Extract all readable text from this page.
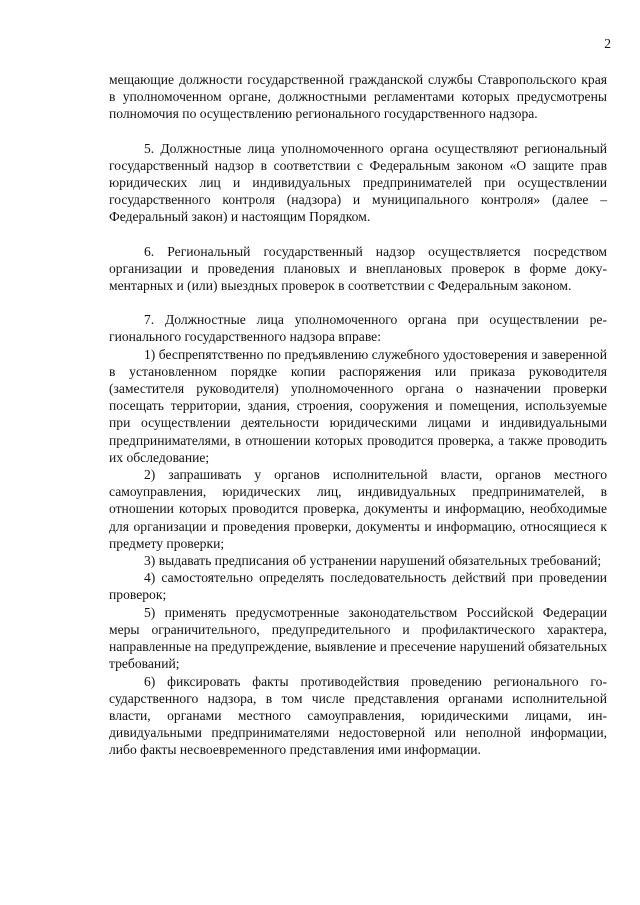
2

мещающие должности государственной гражданской службы Ставропольского края в уполномоченном органе, должностными регламентами которых предусмотрены полномочия по осуществлению регионального государственного надзора.

5. Должностные лица уполномоченного органа осуществляют региональный государственный надзор в соответствии с Федеральным законом «О защите прав юридических лиц и индивидуальных предпринимателей при осуществлении государственного контроля (надзора) и муниципального контроля» (далее – Федеральный закон) и настоящим Порядком.

6. Региональный государственный надзор осуществляется посредством организации и проведения плановых и внеплановых проверок в форме документарных и (или) выездных проверок в соответствии с Федеральным законом.

7. Должностные лица уполномоченного органа при осуществлении регионального государственного надзора вправе:

1) беспрепятственно по предъявлению служебного удостоверения и заверенной в установленном порядке копии распоряжения или приказа руководителя (заместителя руководителя) уполномоченного органа о назначении проверки посещать территории, здания, строения, сооружения и помещения, используемые при осуществлении деятельности юридическими лицами и индивидуальными предпринимателями, в отношении которых проводится проверка, а также проводить их обследование;

2) запрашивать у органов исполнительной власти, органов местного самоуправления, юридических лиц, индивидуальных предпринимателей, в отношении которых проводится проверка, документы и информацию, необходимые для организации и проведения проверки, документы и информацию, относящиеся к предмету проверки;

3) выдавать предписания об устранении нарушений обязательных требований;

4) самостоятельно определять последовательность действий при проведении проверок;

5) применять предусмотренные законодательством Российской Федерации меры ограничительного, предупредительного и профилактического характера, направленные на предупреждение, выявление и пресечение нарушений обязательных требований;

6) фиксировать факты противодействия проведению регионального государственного надзора, в том числе представления органами исполнительной власти, органами местного самоуправления, юридическими лицами, индивидуальными предпринимателями недостоверной или неполной информации, либо факты несвоевременного представления ими информации.
